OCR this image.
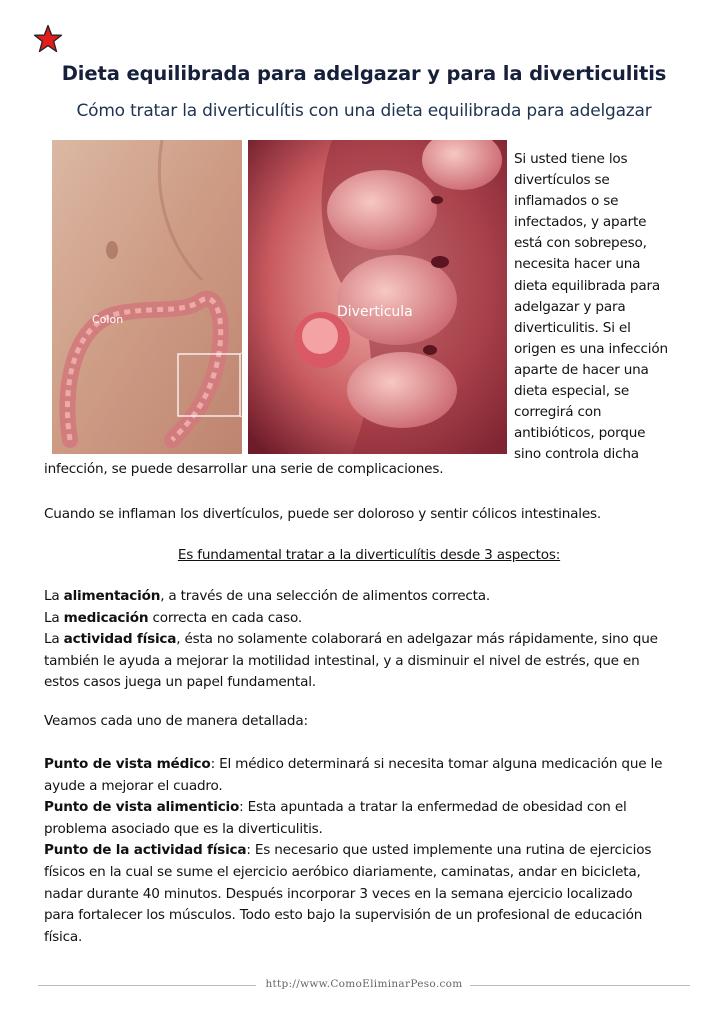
Dieta equilibrada para adelgazar y para la diverticulitis
Cómo tratar la diverticulítis con una dieta equilibrada para adelgazar
Colon	Diverticula
Si usted tiene los
divertículos se
inflamados o se
infectados, y aparte
está con sobrepeso,
necesita hacer una
dieta equilibrada para
adelgazar y para
diverticulitis. Si el
origen es una infección
aparte de hacer una
dieta especial, se
corregirá con
antibióticos, porque
sino controla dicha
infección, se puede desarrollar una serie de complicaciones.
Cuando se inflaman los divertículos, puede ser doloroso y sentir cólicos intestinales.
Es fundamental tratar a la diverticulítis desde 3 aspectos:
La alimentación, a través de una selección de alimentos correcta.
La medicación correcta en cada caso.
La actividad física, ésta no solamente colaborará en adelgazar más rápidamente, sino que
también le ayuda a mejorar la motilidad intestinal, y a disminuir el nivel de estrés, que en
estos casos juega un papel fundamental.
Veamos cada uno de manera detallada:
Punto de vista médico: El médico determinará si necesita tomar alguna medicación que le
ayude a mejorar el cuadro.
Punto de vista alimenticio: Esta apuntada a tratar la enfermedad de obesidad con el
problema asociado que es la diverticulitis.
Punto de la actividad física: Es necesario que usted implemente una rutina de ejercicios
físicos en la cual se sume el ejercicio aeróbico diariamente, caminatas, andar en bicicleta,
nadar durante 40 minutos. Después incorporar 3 veces en la semana ejercicio localizado
para fortalecer los músculos. Todo esto bajo la supervisión de un profesional de educación
física.
http://www.ComoEliminarPeso.com
